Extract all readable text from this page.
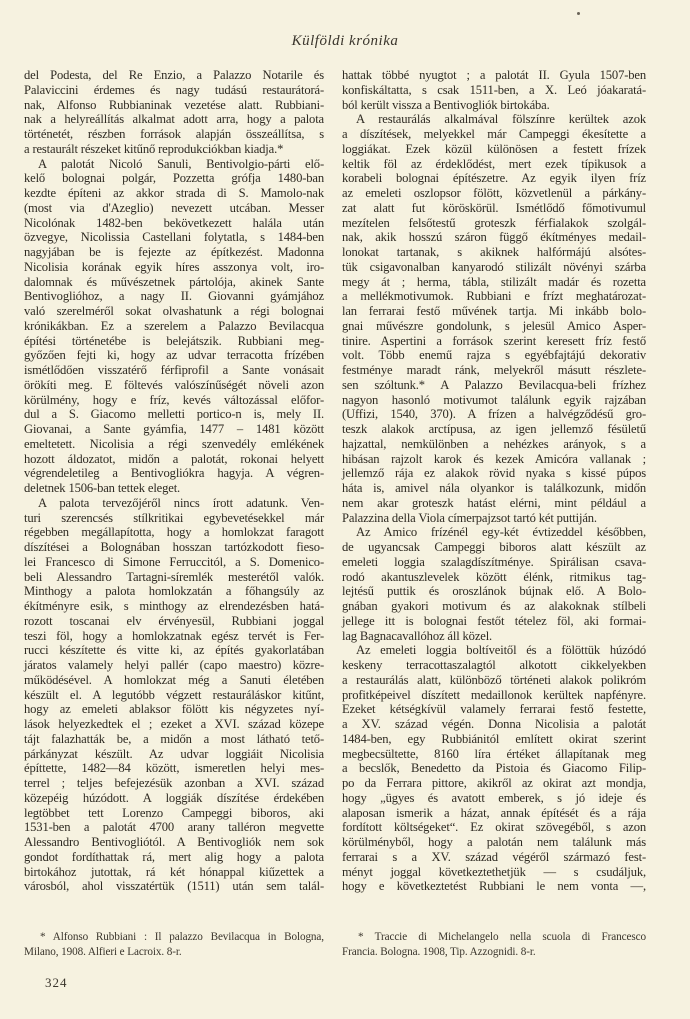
Külföldi krónika
del Podesta, del Re Enzio, a Palazzo Notarile és
Palaviccini érdemes és nagy tudású restaurátorá-
nak, Alfonso Rubbianinak vezetése alatt. Rubbiani-
nak a helyreállítás alkalmat adott arra, hogy a palota
történetét, részben források alapján összeállítsa, s
a restaurált részeket kitűnő reprodukciókban kiadja.*
A palotát Nicoló Sanuli, Bentivolgio-párti elő-
kelő bolognai polgár, Pozzetta grófja 1480-ban
kezdte építeni az akkor strada di S. Mamolo-nak
(most via d'Azeglio) nevezett utcában. Messer
Nicolónak 1482-ben bekövetkezett halála után
özvegye, Nicolissia Castellani folytatla, s 1484-ben
nagyjában be is fejezte az építkezést. Madonna
Nicolisia korának egyik híres asszonya volt, iro-
dalomnak és művészetnek pártolója, akinek Sante
Bentivoglióhoz, a nagy II. Giovanni gyámjához
való szerelméről sokat olvashatunk a régi bolognai
krónikákban. Ez a szerelem a Palazzo Bevilacqua
építési történetébe is belejátszik. Rubbiani meg-
győzően fejti ki, hogy az udvar terracotta frízében
ismétlődően visszatérő férfiprofil a Sante vonásait
örökíti meg. E föltevés valószínűségét növeli azon
körülmény, hogy e fríz, kevés változással előfor-
dul a S. Giacomo melletti portico-n is, mely II.
Giovanai, a Sante gyámfia, 1477 – 1481 között
emeltetett. Nicolisia a régi szenvedély emlékének
hozott áldozatot, midőn a palotát, rokonai helyett
végrendeletileg a Bentivogliókra hagyja. A végren-
deletnek 1506-ban tettek eleget.
A palota tervezőjéről nincs írott adatunk. Ven-
turi szerencsés stílkritikai egybevetésekkel már
régebben megállapította, hogy a homlokzat faragott
díszítései a Bolognában hosszan tartózkodott fieso-
lei Francesco di Simone Ferruccitól, a S. Domenico-
beli Alessandro Tartagni-síremlék mesterétől valók.
Minthogy a palota homlokzatán a főhangsúly az
ékítményre esik, s minthogy az elrendezésben hatá-
rozott toscanai elv érvényesül, Rubbiani joggal
teszi föl, hogy a homlokzatnak egész tervét is Fer-
rucci készítette és vitte ki, az építés gyakorlatában
járatos valamely helyi pallér (capo maestro) közre-
működésével. A homlokzat még a Sanuti életében
készült el. A legutóbb végzett restauráláskor kitűnt,
hogy az emeleti ablaksor fölött kis négyzetes nyí-
lások helyezkedtek el ; ezeket a XVI. század közepe
tájt falazhatták be, a midőn a most látható tető-
párkányzat készült. Az udvar loggiáit Nicolisia
építtette, 1482—84 között, ismeretlen helyi mes-
terrel ; teljes befejezésük azonban a XVI. század
közepéig húzódott. A loggiák díszítése érdekében
legtöbbet tett Lorenzo Campeggi biboros, aki
1531-ben a palotát 4700 arany talléron megvette
Alessandro Bentivogliótól. A Bentivogliók nem sok
gondot fordíthattak rá, mert alig hogy a palota
birtokához jutottak, rá két hónappal kiűzettek a
városból, ahol visszatértük (1511) után sem talál-
hattak többé nyugtot ; a palotát II. Gyula 1507-ben
konfiskáltatta, s csak 1511-ben, a X. Leó jóakaratá-
ból került vissza a Bentivogliók birtokába.
A restaurálás alkalmával fölszínre kerültek azok
a díszítések, melyekkel már Campeggi ékesítette a
loggiákat. Ezek közül különösen a festett frízek
keltik föl az érdeklődést, mert ezek típikusok a
korabeli bolognai építészetre. Az egyik ilyen fríz
az emeleti oszlopsor fölött, közvetlenül a párkány-
zat alatt fut köröskörül. Ismétlődő főmotivumul
mezítelen felsőtestű groteszk férfialakok szolgál-
nak, akik hosszú száron függő ékítményes medail-
lonokat tartanak, s akiknek halfórmájú alsótes-
tük csigavonalban kanyarodó stilizált növényi szárba
megy át ; herma, tábla, stilizált madár és rozetta
a mellékmotivumok. Rubbiani e frízt meghatározat-
lan ferrarai festő művének tartja. Mi inkább bolo-
gnai művészre gondolunk, s jelesül Amico Asper-
tinire. Aspertini a források szerint keresett fríz festő
volt. Több enemű rajza s egyébfajtájú dekorativ
festménye maradt ránk, melyekről másutt részlete-
sen szóltunk.* A Palazzo Bevilacqua-beli frízhez
nagyon hasonló motivumot találunk egyik rajzában
(Uffizi, 1540, 370). A frízen a halvégződésű gro-
teszk alakok arctípusa, az igen jellemző fésületű
hajzattal, nemkülönben a nehézkes arányok, s a
hibásan rajzolt karok és kezek Amicóra vallanak ;
jellemző rája ez alakok rövid nyaka s kissé púpos
háta is, amivel nála olyankor is találkozunk, midőn
nem akar groteszk hatást elérni, mint például a
Palazzina della Viola címerpajzsot tartó két puttiján.
Az Amico frízénél egy-két évtizeddel későbben,
de ugyancsak Campeggi biboros alatt készült az
emeleti loggia szalagdíszítménye. Spirálisan csava-
rodó akantuszlevelek között élénk, ritmikus tag-
lejtésű puttik és oroszlánok bújnak elő. A Bolo-
gnában gyakori motivum és az alakoknak stílbeli
jellege itt is bolognai festőt tételez föl, aki formai-
lag Bagnacavallóhoz áll közel.
Az emeleti loggia boltíveitől és a fölöttük húzódó
keskeny terracottaszalagtól alkotott cikkelyekben
a restaurálás alatt, különböző történeti alakok polikróm
profitképeivel díszített medaillonok kerültek napfényre.
Ezeket kétségkívül valamely ferrarai festő festette,
a XV. század végén. Donna Nicolisia a palotát
1484-ben, egy Rubbiánitól említett okirat szerint
megbecsültette, 8160 líra értéket állapítanak meg
a becslők, Benedetto da Pistoia és Giacomo Filip-
po da Ferrara pittore, akikről az okirat azt mondja,
hogy „ügyes és avatott emberek, s jó ideje és
alaposan ismerik a házat, annak építését és a rája
fordított költségeket“. Ez okirat szövegéből, s azon
körülményből, hogy a palotán nem találunk más
ferrarai s a XV. század végéről származó fest-
ményt joggal következtethetjük — s csudáljuk,
hogy e következtetést Rubbiani le nem vonta —,
* Alfonso Rubbiani : Il palazzo Bevilacqua in Bologna,
Milano, 1908. Alfieri e Lacroix. 8-r.
* Traccie di Michelangelo nella scuola di Francesco
Francia. Bologna. 1908, Tip. Azzognidi. 8-r.
324
